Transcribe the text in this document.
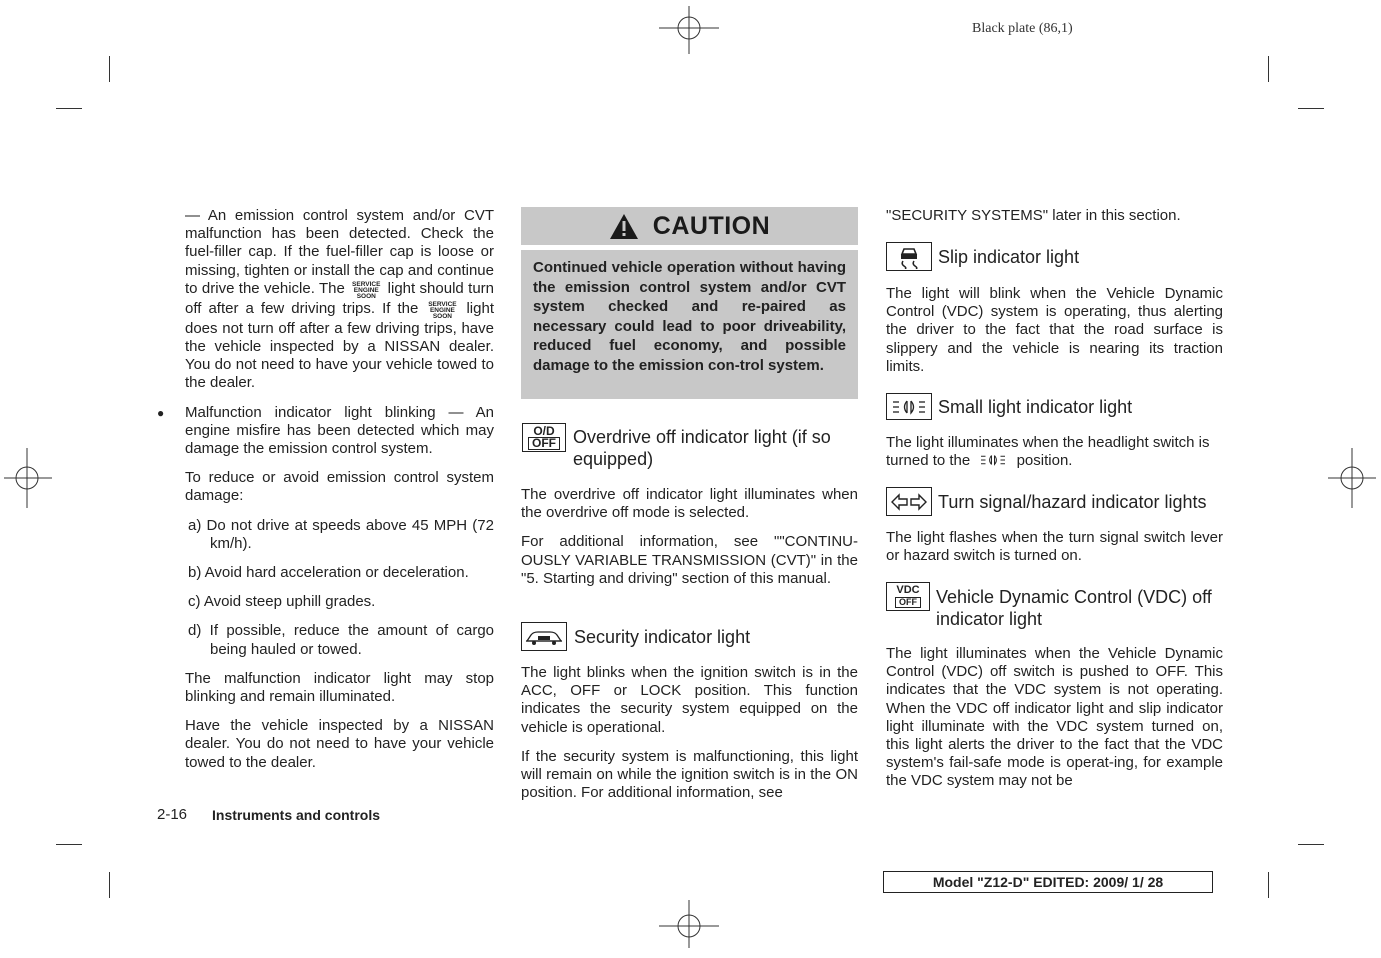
Black plate (86,1)

— An emission control system and/or CVT malfunction has been detected. Check the fuel-filler cap. If the fuel-filler cap is loose or missing, tighten or install the cap and continue to drive the vehicle. The SERVICE
ENGINE
SOON light should turn off after a few driving trips. If the SERVICE
ENGINE
SOON light does not turn off after a few driving trips, have the vehicle inspected by a NISSAN dealer. You do not need to have your vehicle towed to the dealer.

● Malfunction indicator light blinking — An engine misfire has been detected which may damage the emission control system.

To reduce or avoid emission control system damage:

a) Do not drive at speeds above 45 MPH (72 km/h).

b) Avoid hard acceleration or deceleration.

c) Avoid steep uphill grades.

d) If possible, reduce the amount of cargo being hauled or towed.

The malfunction indicator light may stop blinking and remain illuminated.

Have the vehicle inspected by a NISSAN dealer. You do not need to have your vehicle towed to the dealer.

CAUTION
Continued vehicle operation without having the emission control system and/or CVT system checked and re-paired as necessary could lead to poor driveability, reduced fuel economy, and possible damage to the emission con-trol system.
O/D
OFF Overdrive off indicator light (if so equipped)

The overdrive off indicator light illuminates when the overdrive off mode is selected.

For additional information, see ""CONTINU-OUSLY VARIABLE TRANSMISSION (CVT)" in the "5. Starting and driving" section of this manual.

Security indicator light

The light blinks when the ignition switch is in the ACC, OFF or LOCK position. This function indicates the security system equipped on the vehicle is operational.

If the security system is malfunctioning, this light will remain on while the ignition switch is in the ON position. For additional information, see

"SECURITY SYSTEMS" later in this section.

Slip indicator light

The light will blink when the Vehicle Dynamic Control (VDC) system is operating, thus alerting the driver to the fact that the road surface is slippery and the vehicle is nearing its traction limits.

Small light indicator light

The light illuminates when the headlight switch is turned to the	position.

Turn signal/hazard indicator lights

The light flashes when the turn signal switch lever or hazard switch is turned on.

VDC
OFF Vehicle Dynamic Control (VDC) off indicator light

The light illuminates when the Vehicle Dynamic Control (VDC) off switch is pushed to OFF. This indicates that the VDC system is not operating. When the VDC off indicator light and slip indicator light illuminate with the VDC system turned on, this light alerts the driver to the fact that the VDC system's fail-safe mode is operat-ing, for example the VDC system may not be

2-16 Instruments and controls
Model "Z12-D" EDITED: 2009/ 1/ 28
